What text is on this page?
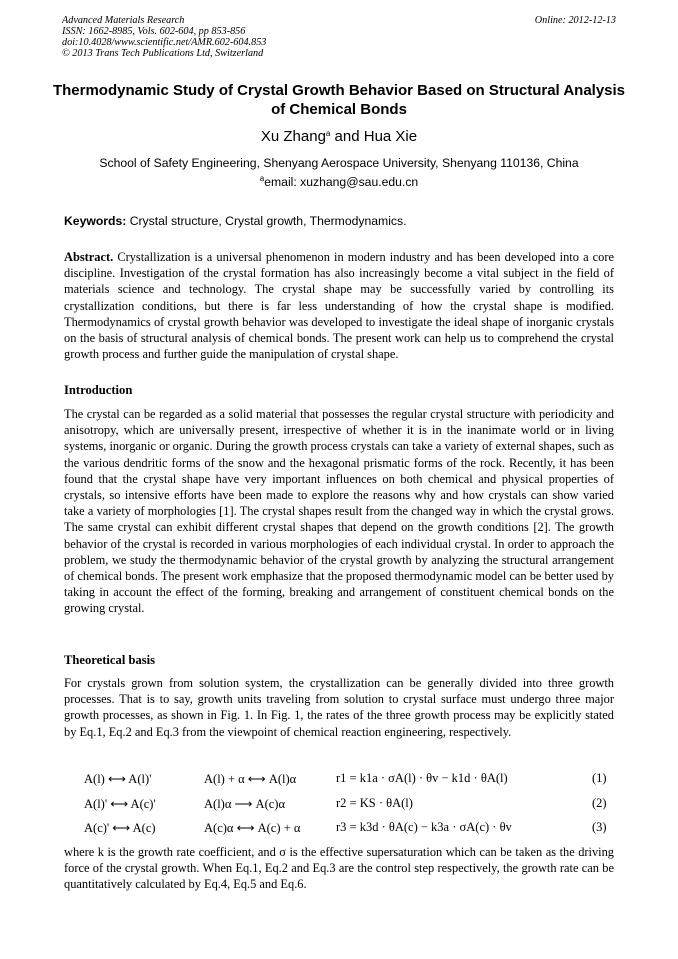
Advanced Materials Research
ISSN: 1662-8985, Vols. 602-604, pp 853-856
doi:10.4028/www.scientific.net/AMR.602-604.853
© 2013 Trans Tech Publications Ltd, Switzerland
Online: 2012-12-13
Thermodynamic Study of Crystal Growth Behavior Based on Structural Analysis of Chemical Bonds
Xu Zhang$^a$ and Hua Xie
School of Safety Engineering, Shenyang Aerospace University, Shenyang 110136, China
$^a$email: xuzhang@sau.edu.cn
Keywords: Crystal structure, Crystal growth, Thermodynamics.
Abstract. Crystallization is a universal phenomenon in modern industry and has been developed into a core discipline. Investigation of the crystal formation has also increasingly become a vital subject in the field of materials science and technology. The crystal shape may be successfully varied by controlling its crystallization conditions, but there is far less understanding of how the crystal shape is modified. Thermodynamics of crystal growth behavior was developed to investigate the ideal shape of inorganic crystals on the basis of structural analysis of chemical bonds. The present work can help us to comprehend the crystal growth process and further guide the manipulation of crystal shape.
Introduction
The crystal can be regarded as a solid material that possesses the regular crystal structure with periodicity and anisotropy, which are universally present, irrespective of whether it is in the inanimate world or in living systems, inorganic or organic. During the growth process crystals can take a variety of external shapes, such as the various dendritic forms of the snow and the hexagonal prismatic forms of the rock. Recently, it has been found that the crystal shape have very important influences on both chemical and physical properties of crystals, so intensive efforts have been made to explore the reasons why and how crystals can show varied take a variety of morphologies [1]. The crystal shapes result from the changed way in which the crystal grows. The same crystal can exhibit different crystal shapes that depend on the growth conditions [2]. The growth behavior of the crystal is recorded in various morphologies of each individual crystal. In order to approach the problem, we study the thermodynamic behavior of the crystal growth by analyzing the structural arrangement of chemical bonds. The present work emphasize that the proposed thermodynamic model can be better used by taking in account the effect of the forming, breaking and arrangement of constituent chemical bonds on the growing crystal.
Theoretical basis
For crystals grown from solution system, the crystallization can be generally divided into three growth processes. That is to say, growth units traveling from solution to crystal surface must undergo three major growth processes, as shown in Fig. 1. In Fig. 1, the rates of the three growth process may be explicitly stated by Eq.1, Eq.2 and Eq.3 from the viewpoint of chemical reaction engineering, respectively.
A(l) ⟷ A(l)'	A(l) + α ⟷ A(l)α	r1 = k1a · σA(l) · θv − k1d · θA(l)	(1)
A(l)' ⟷ A(c)'	A(l)α ⟶ A(c)α	r2 = KS · θA(l)	(2)
A(c)' ⟷ A(c)	A(c)α ⟷ A(c) + α	r3 = k3d · θA(c) − k3a · σA(c) · θv	(3)
where k is the growth rate coefficient, and σ is the effective supersaturation which can be taken as the driving force of the crystal growth. When Eq.1, Eq.2 and Eq.3 are the control step respectively, the growth rate can be quantitatively calculated by Eq.4, Eq.5 and Eq.6.
